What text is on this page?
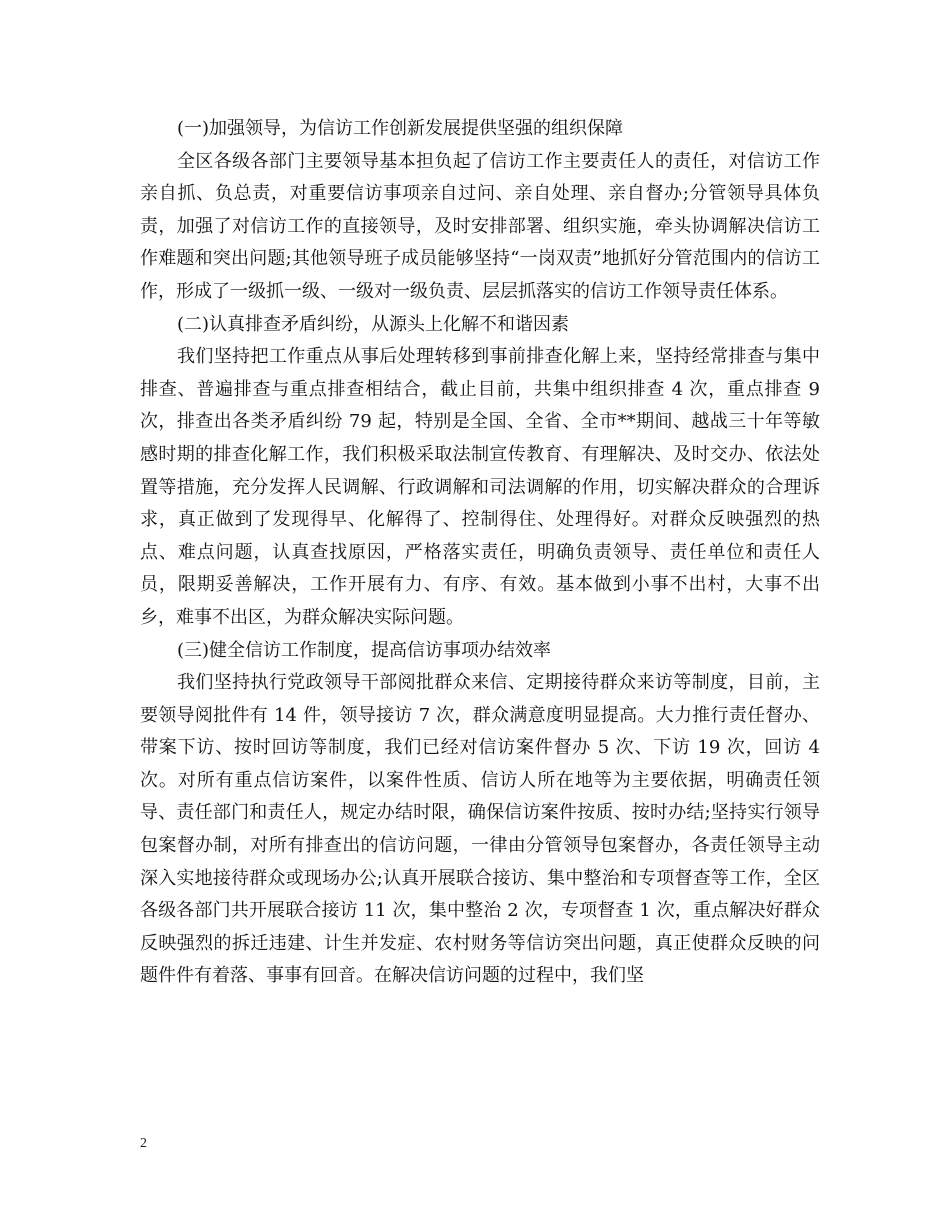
(一)加强领导，为信访工作创新发展提供坚强的组织保障

全区各级各部门主要领导基本担负起了信访工作主要责任人的责任，对信访工作亲自抓、负总责，对重要信访事项亲自过问、亲自处理、亲自督办;分管领导具体负责，加强了对信访工作的直接领导，及时安排部署、组织实施，牵头协调解决信访工作难题和突出问题;其他领导班子成员能够坚持“一岗双责”地抓好分管范围内的信访工作，形成了一级抓一级、一级对一级负责、层层抓落实的信访工作领导责任体系。

(二)认真排查矛盾纠纷，从源头上化解不和谐因素

我们坚持把工作重点从事后处理转移到事前排查化解上来，坚持经常排查与集中排查、普遍排查与重点排查相结合，截止目前，共集中组织排查 4 次，重点排查 9 次，排查出各类矛盾纠纷 79 起，特别是全国、全省、全市**期间、越战三十年等敏感时期的排查化解工作，我们积极采取法制宣传教育、有理解决、及时交办、依法处置等措施，充分发挥人民调解、行政调解和司法调解的作用，切实解决群众的合理诉求，真正做到了发现得早、化解得了、控制得住、处理得好。对群众反映强烈的热点、难点问题，认真查找原因，严格落实责任，明确负责领导、责任单位和责任人员，限期妥善解决，工作开展有力、有序、有效。基本做到小事不出村，大事不出乡，难事不出区，为群众解决实际问题。

(三)健全信访工作制度，提高信访事项办结效率

我们坚持执行党政领导干部阅批群众来信、定期接待群众来访等制度，目前，主要领导阅批件有 14 件，领导接访 7 次，群众满意度明显提高。大力推行责任督办、带案下访、按时回访等制度，我们已经对信访案件督办 5 次、下访 19 次，回访 4 次。对所有重点信访案件，以案件性质、信访人所在地等为主要依据，明确责任领导、责任部门和责任人，规定办结时限，确保信访案件按质、按时办结;坚持实行领导包案督办制，对所有排查出的信访问题，一律由分管领导包案督办，各责任领导主动深入实地接待群众或现场办公;认真开展联合接访、集中整治和专项督查等工作，全区各级各部门共开展联合接访 11 次，集中整治 2 次，专项督查 1 次，重点解决好群众反映强烈的拆迁违建、计生并发症、农村财务等信访突出问题，真正使群众反映的问题件件有着落、事事有回音。在解决信访问题的过程中，我们坚

2
